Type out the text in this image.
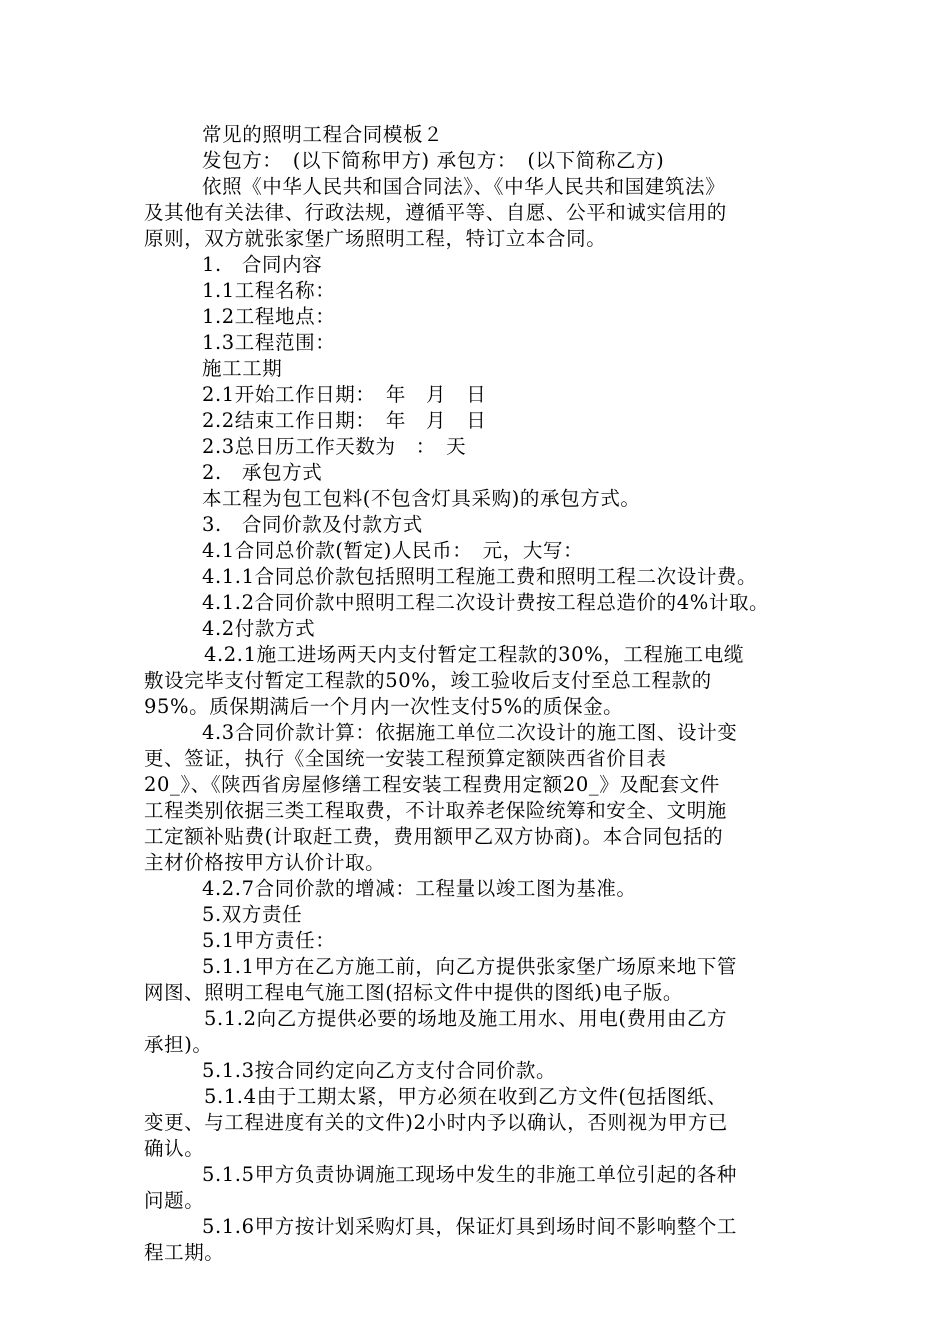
常见的照明工程合同模板２
发包方：　(以下简称甲方) 承包方：　(以下简称乙方)
依照《中华人民共和国合同法》、《中华人民共和国建筑法》
及其他有关法律、行政法规，遵循平等、自愿、公平和诚实信用的
原则，双方就张家堡广场照明工程，特订立本合同。
1.　合同内容
1.1工程名称：
1.2工程地点：
1.3工程范围：
施工工期
2.1开始工作日期：　年　月　日
2.2结束工作日期：　年　月　日
2.3总日历工作天数为　：　天
2.　承包方式
本工程为包工包料(不包含灯具采购)的承包方式。
3.　合同价款及付款方式
4.1合同总价款(暂定)人民币：　元，大写：
4.1.1合同总价款包括照明工程施工费和照明工程二次设计费。
4.1.2合同价款中照明工程二次设计费按工程总造价的4%计取。
4.2付款方式
4.2.1施工进场两天内支付暂定工程款的30%，工程施工电缆
敷设完毕支付暂定工程款的50%，竣工验收后支付至总工程款的
95%。质保期满后一个月内一次性支付5%的质保金。
4.3合同价款计算：依据施工单位二次设计的施工图、设计变
更、签证，执行《全国统一安装工程预算定额陕西省价目表
20_》、《陕西省房屋修缮工程安装工程费用定额20_》及配套文件
工程类别依据三类工程取费，不计取养老保险统筹和安全、文明施
工定额补贴费(计取赶工费，费用额甲乙双方协商)。本合同包括的
主材价格按甲方认价计取。
4.2.7合同价款的增减：工程量以竣工图为基准。
5.双方责任
5.1甲方责任：
5.1.1甲方在乙方施工前，向乙方提供张家堡广场原来地下管
网图、照明工程电气施工图(招标文件中提供的图纸)电子版。
5.1.2向乙方提供必要的场地及施工用水、用电(费用由乙方
承担)。
5.1.3按合同约定向乙方支付合同价款。
5.1.4由于工期太紧，甲方必须在收到乙方文件(包括图纸、
变更、与工程进度有关的文件)2小时内予以确认，否则视为甲方已
确认。
5.1.5甲方负责协调施工现场中发生的非施工单位引起的各种
问题。
5.1.6甲方按计划采购灯具，保证灯具到场时间不影响整个工
程工期。
